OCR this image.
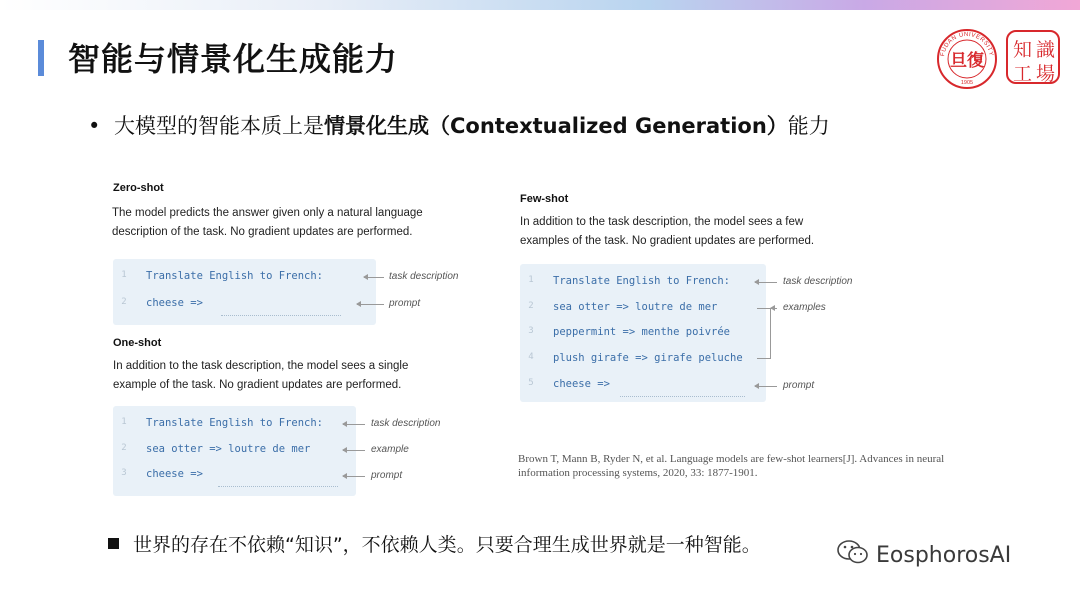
智能与情景化生成能力	FUDAN UNIVERSITY
1905
旦復 知 識
工 場
• 大模型的智能本质上是情景化生成（Contextualized Generation）能力
Zero-shot
The model predicts the answer given only a natural language
description of the task. No gradient updates are performed.
1 Translate English to French:
2 cheese =>
task description
prompt
One-shot
In addition to the task description, the model sees a single
example of the task. No gradient updates are performed.
1 Translate English to French:
2 sea otter => loutre de mer
3 cheese =>
task description
example
prompt
Few-shot
In addition to the task description, the model sees a few
examples of the task. No gradient updates are performed.
1 Translate English to French:
2 sea otter => loutre de mer
3 peppermint => menthe poivrée
4 plush girafe => girafe peluche
5 cheese =>
task description
examples
prompt
Brown T, Mann B, Ryder N, et al. Language models are few-shot learners[J]. Advances in neural
information processing systems, 2020, 33: 1877-1901.
世界的存在不依赖“知识”，不依赖人类。只要合理生成世界就是一种智能。	EosphorosAI
